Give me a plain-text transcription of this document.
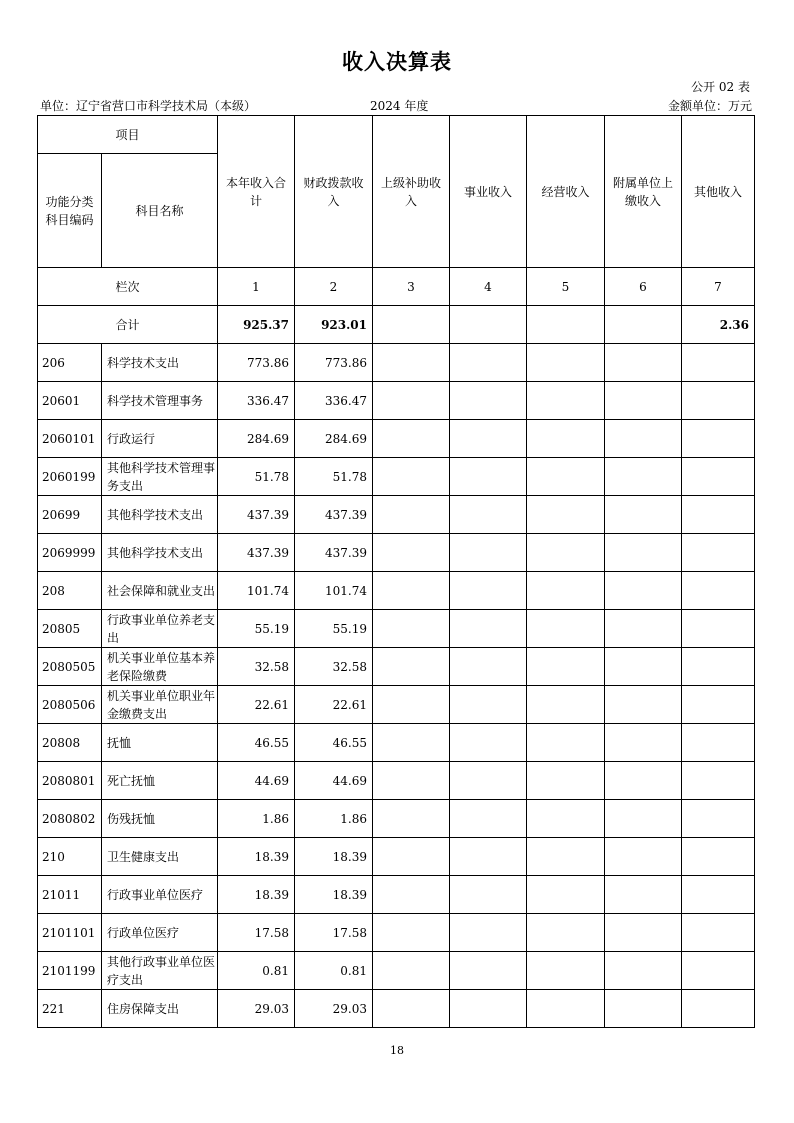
收入决算表
公开 02 表
单位：辽宁省营口市科学技术局（本级）	2024 年度	金额单位：万元
项目		本年收入合计	财政拨款收入	上级补助收入	事业收入	经营收入	附属单位上缴收入	其他收入
功能分类科目编码	科目名称							
栏次		1	2	3	4	5	6	7
合计		925.37	923.01					2.36
206	科学技术支出	773.86	773.86					
20601	科学技术管理事务	336.47	336.47					
2060101	行政运行	284.69	284.69					
2060199	其他科学技术管理事务支出	51.78	51.78					
20699	其他科学技术支出	437.39	437.39					
2069999	其他科学技术支出	437.39	437.39					
208	社会保障和就业支出	101.74	101.74					
20805	行政事业单位养老支出	55.19	55.19					
2080505	机关事业单位基本养老保险缴费	32.58	32.58					
2080506	机关事业单位职业年金缴费支出	22.61	22.61					
20808	抚恤	46.55	46.55					
2080801	死亡抚恤	44.69	44.69					
2080802	伤残抚恤	1.86	1.86					
210	卫生健康支出	18.39	18.39					
21011	行政事业单位医疗	18.39	18.39					
2101101	行政单位医疗	17.58	17.58					
2101199	其他行政事业单位医疗支出	0.81	0.81					
221	住房保障支出	29.03	29.03					
18
